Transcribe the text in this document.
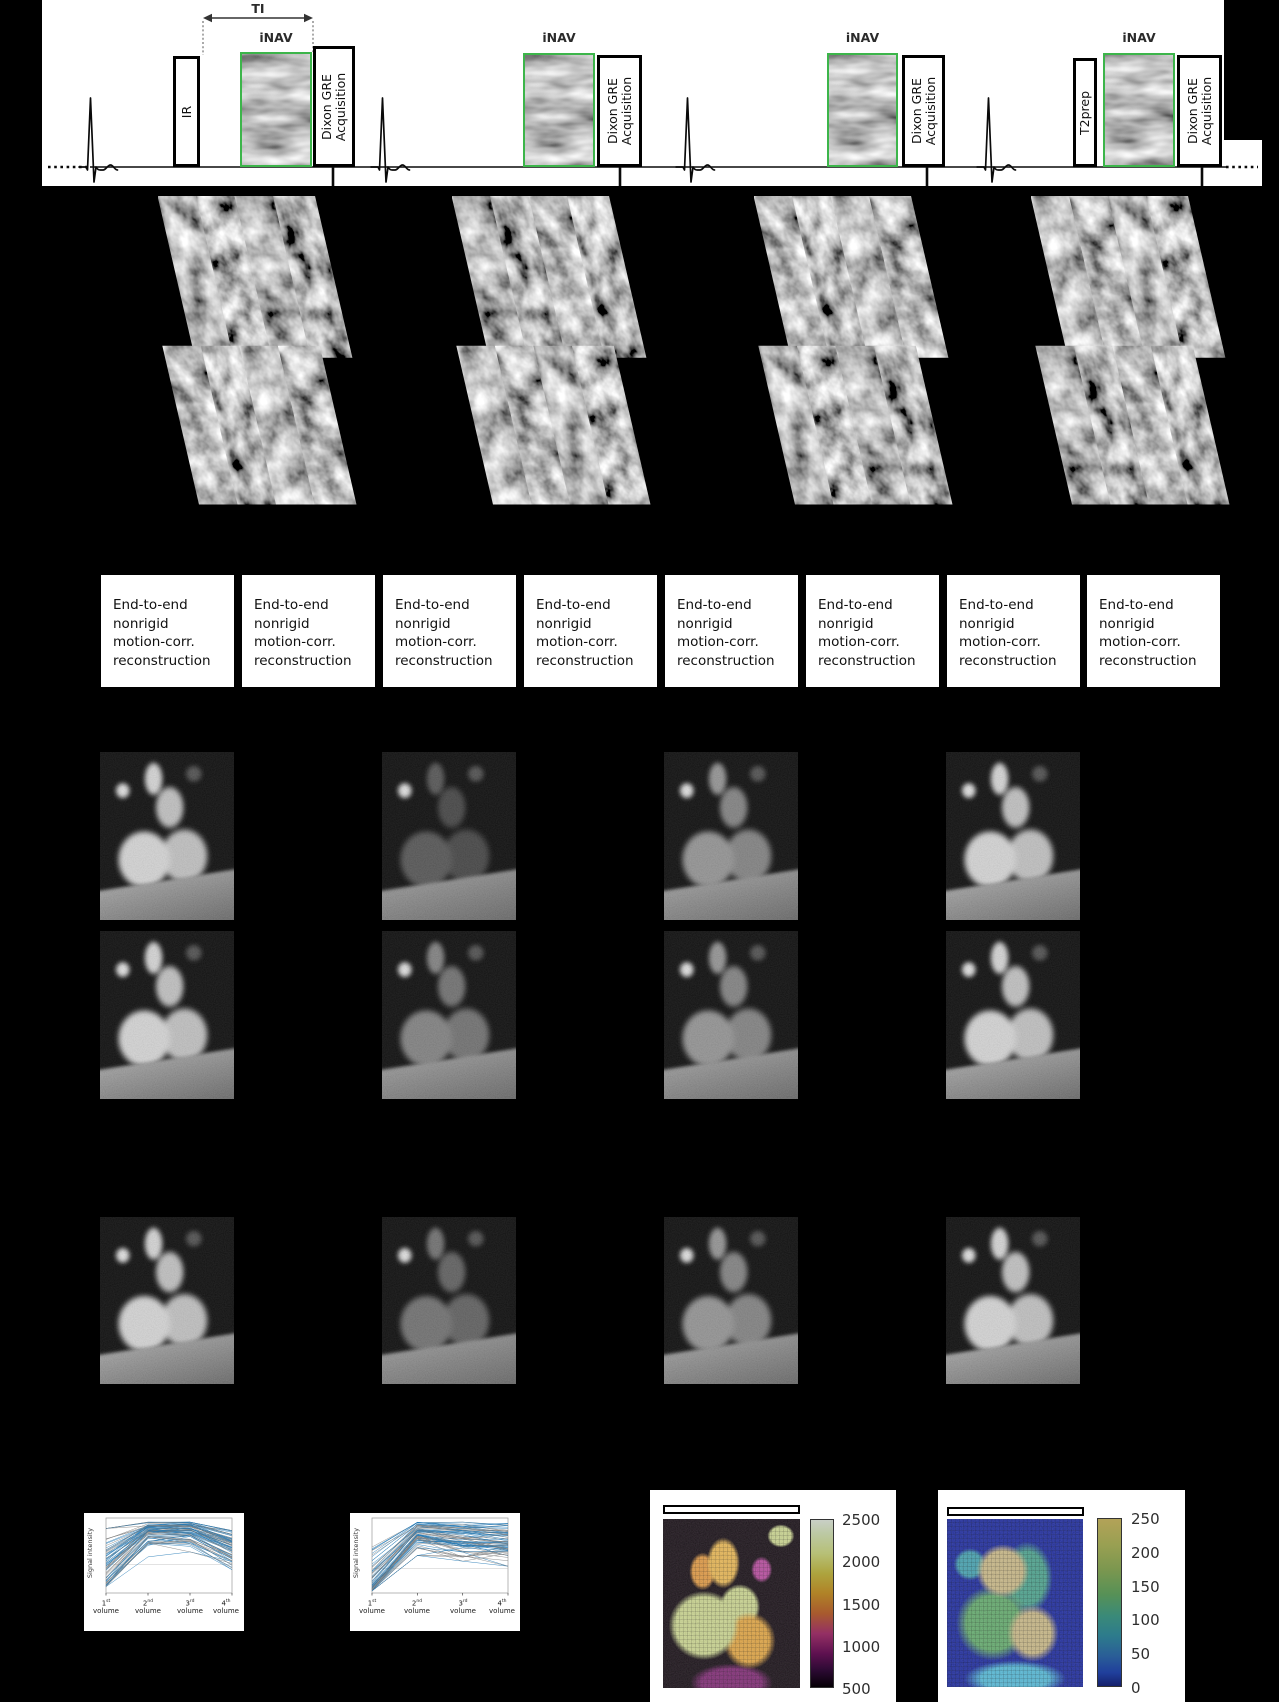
TI
IR
iNAV
Dixon GRE Acquisition
iNAV
Dixon GRE Acquisition
iNAV
Dixon GRE Acquisition	T2prep
iNAV
Dixon GRE Acquisition
End-to-end
nonrigid
motion-corr.
reconstruction
End-to-end
nonrigid
motion-corr.
reconstruction
End-to-end
nonrigid
motion-corr.
reconstruction
End-to-end
nonrigid
motion-corr.
reconstruction
End-to-end
nonrigid
motion-corr.
reconstruction
End-to-end
nonrigid
motion-corr.
reconstruction
End-to-end
nonrigid
motion-corr.
reconstruction
End-to-end
nonrigid
motion-corr.
reconstruction
Signal intensity
1st
volume
2nd
volume
3rd
volume
4th
volume
Signal intensity
1st
volume
2nd
volume
3rd
volume
4th
volume
2500
2000
1500
1000
500
250
200
150
100
50
0
